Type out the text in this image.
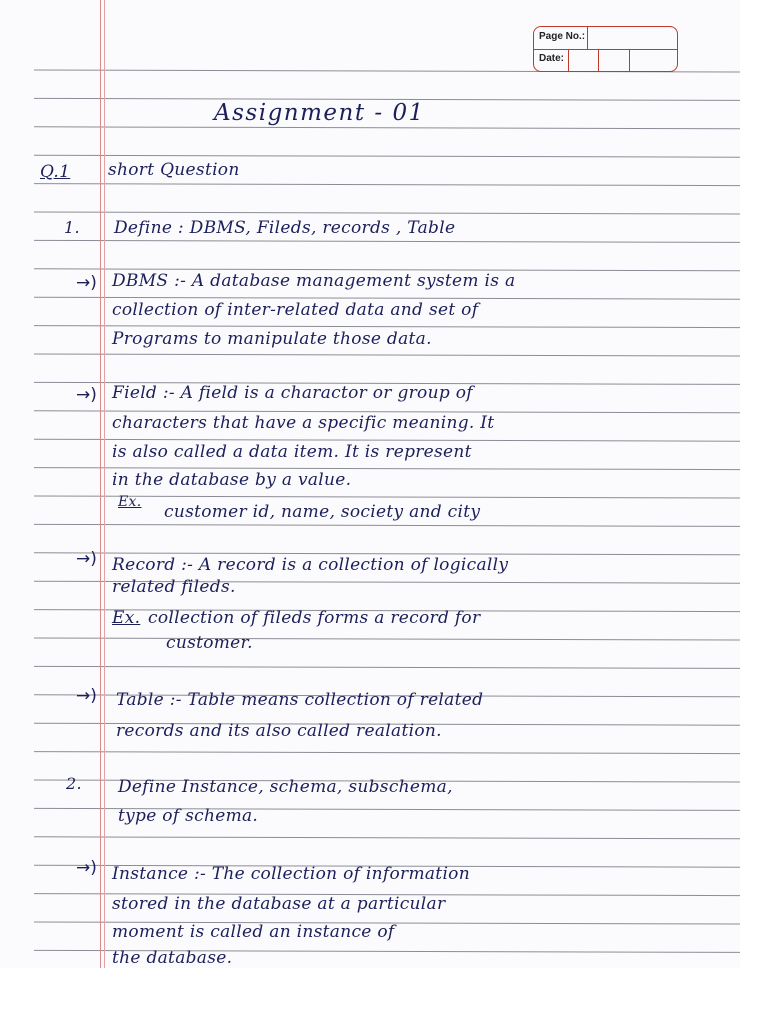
Page No.:
Date:
Assignment - 01
Q.1 short Question
1. Define : DBMS, Fileds, records , Table
→) DBMS :- A database management system is a
collection of inter-related data and set of
Programs to manipulate those data.
→) Field :- A field is a charactor or group of
characters that have a specific meaning. It
is also called a data item. It is represent
in the database by a value.
Ex. customer id, name, society and city
→) Record :- A record is a collection of logically
related fileds.
Ex. collection of fileds forms a record for
customer.
→) Table :- Table means collection of related
records and its also called realation.
2. Define Instance, schema, subschema,
type of schema.
→) Instance :- The collection of information
stored in the database at a particular
moment is called an instance of
the database.
